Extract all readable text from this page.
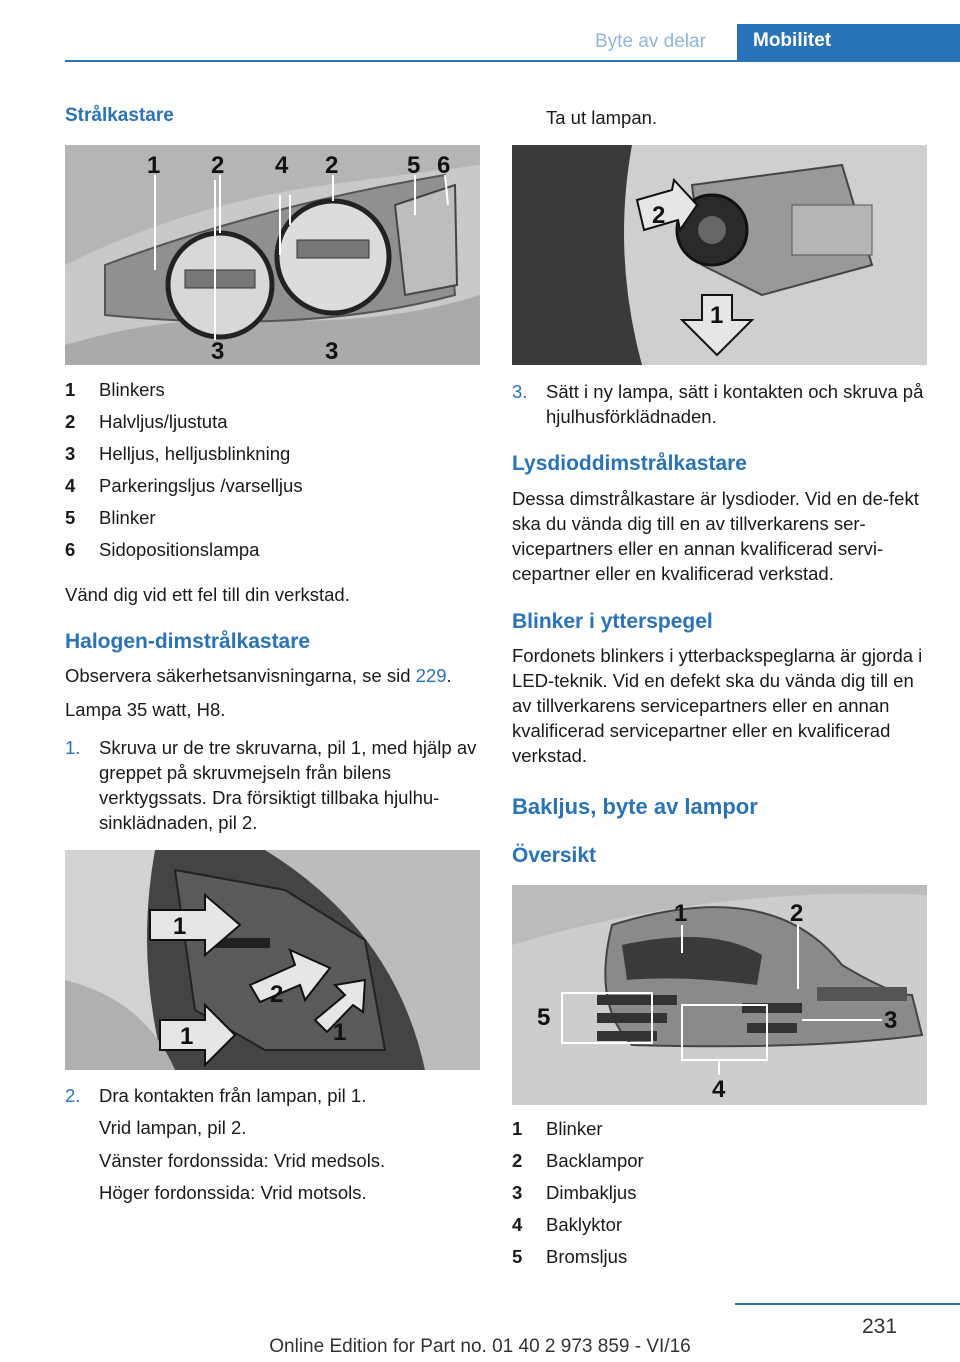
Byte av delar	Mobilitet
Strålkastare
1 2 4 2	5 6
3	3
1	Blinkers
2	Halvljus/ljustuta
3	Helljus, helljusblinkning
4	Parkeringsljus /varselljus
5	Blinker
6	Sidopositionslampa
Vänd dig vid ett fel till din verkstad.
Halogen-dimstrålkastare
Observera säkerhetsanvisningarna, se sid 229.
Lampa 35 watt, H8.
1. Skruva ur de tre skruvarna, pil 1, med hjälp av greppet på skruvmejseln från bilens verktygssats. Dra försiktigt tillbaka hjulhu-sinklädnaden, pil 2.
1
2
1	1
2. Dra kontakten från lampan, pil 1.
Vrid lampan, pil 2.
Vänster fordonssida: Vrid medsols.
Höger fordonssida: Vrid motsols.
Ta ut lampan.
2
1
3. Sätt i ny lampa, sätt i kontakten och skruva på hjulhusförklädnaden.
Lysdioddimstrålkastare
Dessa dimstrålkastare är lysdioder. Vid en de-fekt ska du vända dig till en av tillverkarens ser-vicepartners eller en annan kvalificerad servi-cepartner eller en kvalificerad verkstad.
Blinker i ytterspegel
Fordonets blinkers i ytterbackspeglarna är gjorda i LED-teknik. Vid en defekt ska du vända dig till en av tillverkarens servicepartners eller en annan kvalificerad servicepartner eller en kvalificerad verkstad.
Bakljus, byte av lampor
Översikt
1	2
5	3
4
1	Blinker
2	Backlampor
3	Dimbakljus
4	Baklyktor
5	Bromsljus
231
Online Edition for Part no. 01 40 2 973 859 - VI/16
